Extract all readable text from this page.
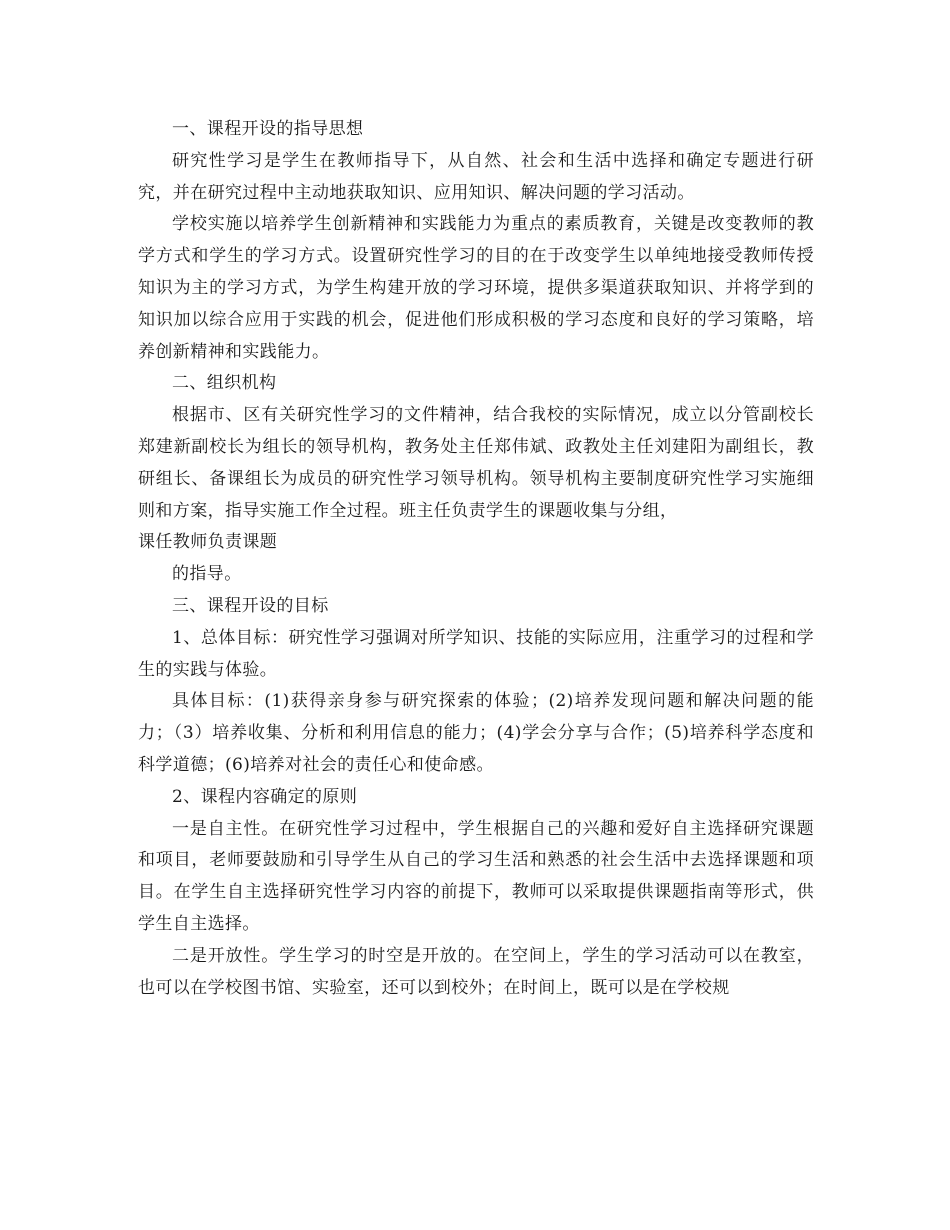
一、课程开设的指导思想

研究性学习是学生在教师指导下，从自然、社会和生活中选择和确定专题进行研究，并在研究过程中主动地获取知识、应用知识、解决问题的学习活动。

学校实施以培养学生创新精神和实践能力为重点的素质教育，关键是改变教师的教学方式和学生的学习方式。设置研究性学习的目的在于改变学生以单纯地接受教师传授知识为主的学习方式，为学生构建开放的学习环境，提供多渠道获取知识、并将学到的知识加以综合应用于实践的机会，促进他们形成积极的学习态度和良好的学习策略，培养创新精神和实践能力。

二、组织机构

根据市、区有关研究性学习的文件精神，结合我校的实际情况，成立以分管副校长郑建新副校长为组长的领导机构，教务处主任郑伟斌、政教处主任刘建阳为副组长，教研组长、备课组长为成员的研究性学习领导机构。领导机构主要制度研究性学习实施细则和方案，指导实施工作全过程。班主任负责学生的课题收集与分组，

课任教师负责课题

的指导。

三、课程开设的目标

1、总体目标：研究性学习强调对所学知识、技能的实际应用，注重学习的过程和学生的实践与体验。

具体目标：(1)获得亲身参与研究探索的体验；(2)培养发现问题和解决问题的能力；（3）培养收集、分析和利用信息的能力；(4)学会分享与合作；(5)培养科学态度和科学道德；(6)培养对社会的责任心和使命感。

2、课程内容确定的原则

一是自主性。在研究性学习过程中，学生根据自己的兴趣和爱好自主选择研究课题和项目，老师要鼓励和引导学生从自己的学习生活和熟悉的社会生活中去选择课题和项目。在学生自主选择研究性学习内容的前提下，教师可以采取提供课题指南等形式，供学生自主选择。

二是开放性。学生学习的时空是开放的。在空间上，学生的学习活动可以在教室，也可以在学校图书馆、实验室，还可以到校外；在时间上，既可以是在学校规
